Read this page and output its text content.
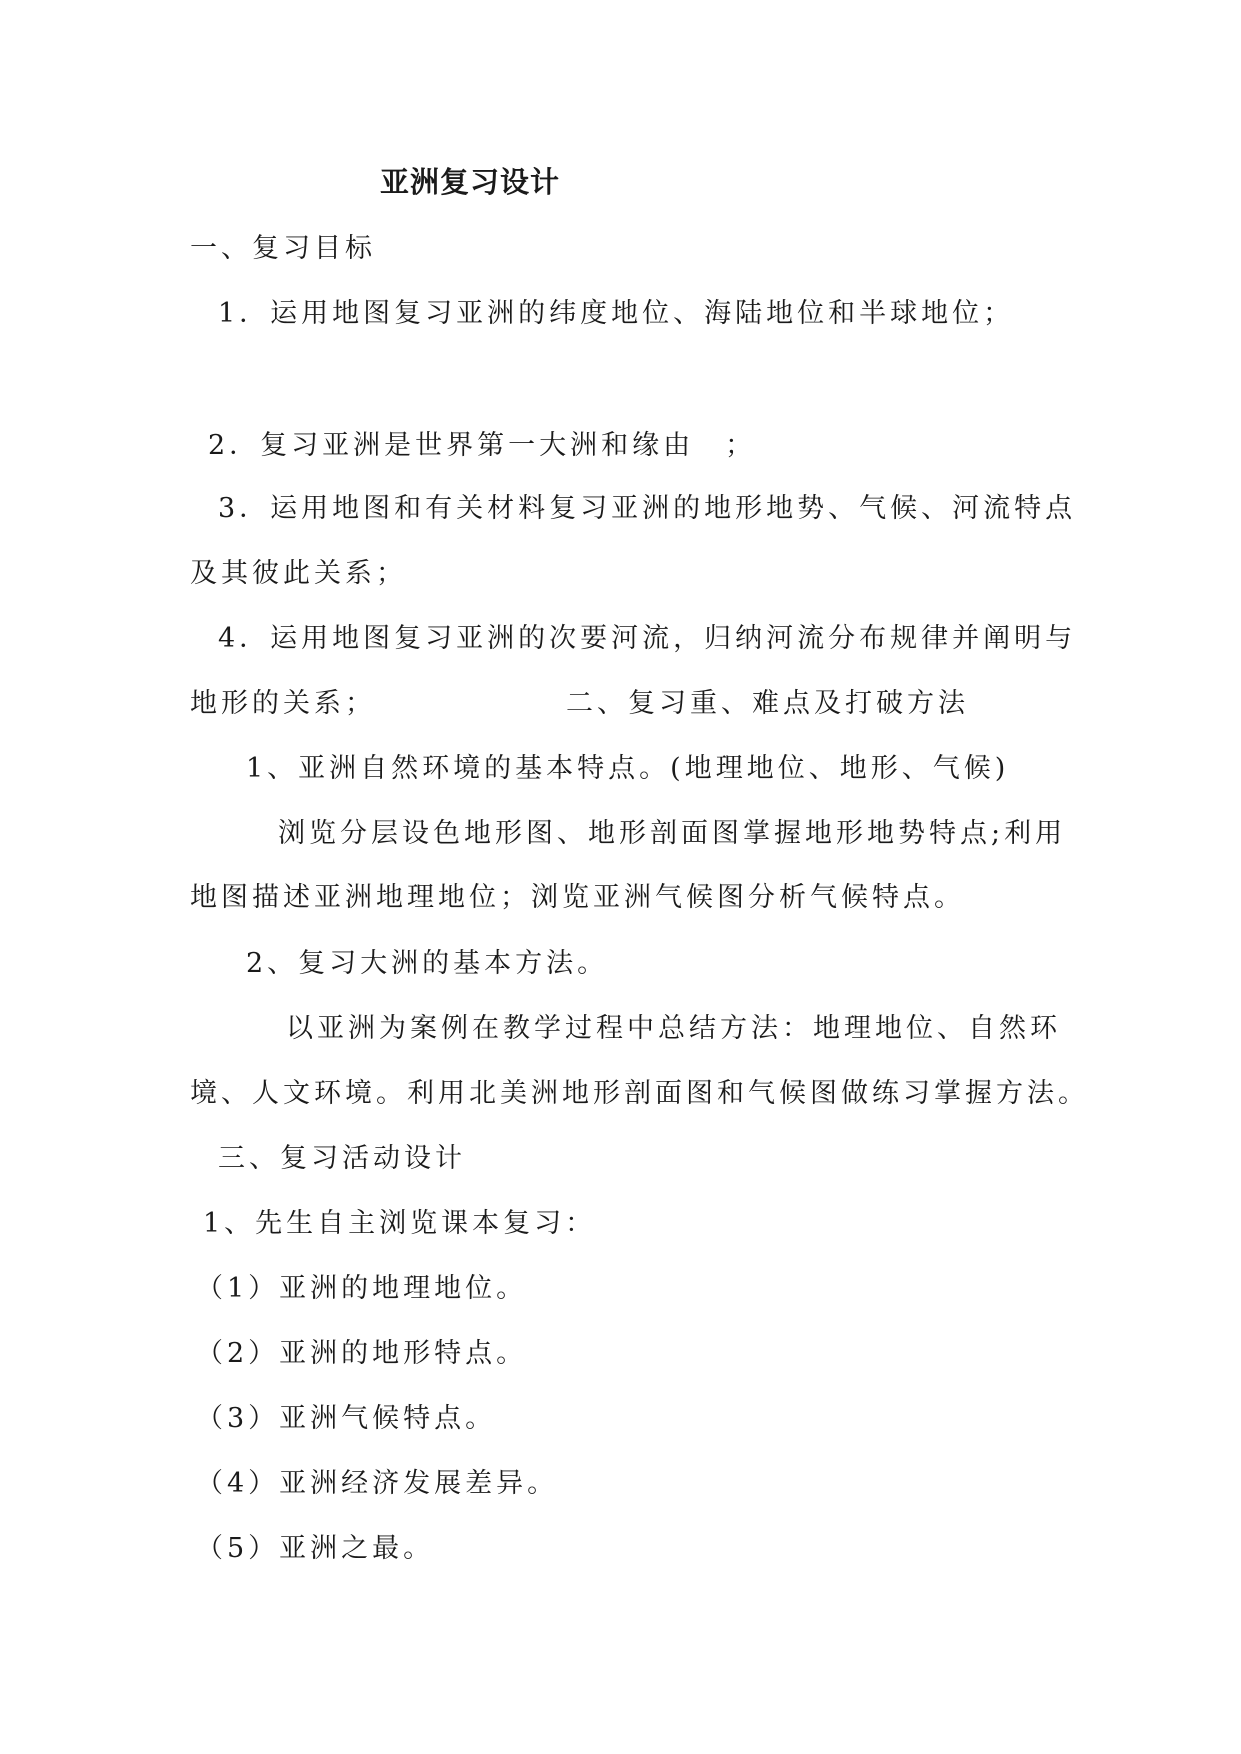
亚洲复习设计
一、复习目标
1．运用地图复习亚洲的纬度地位、海陆地位和半球地位；
2．复习亚洲是世界第一大洲和缘由　；
3．运用地图和有关材料复习亚洲的地形地势、气候、河流特点
及其彼此关系；
4．运用地图复习亚洲的次要河流，归纳河流分布规律并阐明与
地形的关系；	二、复习重、难点及打破方法
1、亚洲自然环境的基本特点。(地理地位、地形、气候)
浏览分层设色地形图、地形剖面图掌握地形地势特点;利用
地图描述亚洲地理地位；浏览亚洲气候图分析气候特点。
2、复习大洲的基本方法。
以亚洲为案例在教学过程中总结方法：地理地位、自然环
境、人文环境。利用北美洲地形剖面图和气候图做练习掌握方法。
三、复习活动设计
1、先生自主浏览课本复习：
（1）亚洲的地理地位。
（2）亚洲的地形特点。
（3）亚洲气候特点。
（4）亚洲经济发展差异。
（5）亚洲之最。
